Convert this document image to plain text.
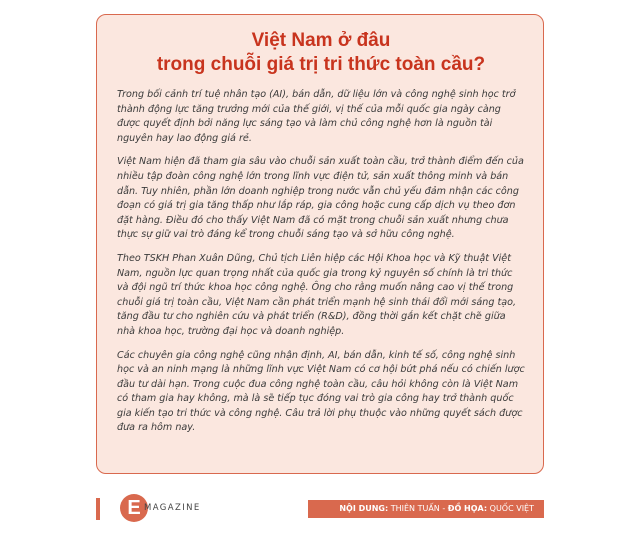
Việt Nam ở đâu
trong chuỗi giá trị tri thức toàn cầu?

Trong bối cảnh trí tuệ nhân tạo (AI), bán dẫn, dữ liệu lớn và công nghệ sinh học trở thành động lực tăng trưởng mới của thế giới, vị thế của mỗi quốc gia ngày càng được quyết định bởi năng lực sáng tạo và làm chủ công nghệ hơn là nguồn tài nguyên hay lao động giá rẻ.

Việt Nam hiện đã tham gia sâu vào chuỗi sản xuất toàn cầu, trở thành điểm đến của nhiều tập đoàn công nghệ lớn trong lĩnh vực điện tử, sản xuất thông minh và bán dẫn. Tuy nhiên, phần lớn doanh nghiệp trong nước vẫn chủ yếu đảm nhận các công đoạn có giá trị gia tăng thấp như lắp ráp, gia công hoặc cung cấp dịch vụ theo đơn đặt hàng. Điều đó cho thấy Việt Nam đã có mặt trong chuỗi sản xuất nhưng chưa thực sự giữ vai trò đáng kể trong chuỗi sáng tạo và sở hữu công nghệ.

Theo TSKH Phan Xuân Dũng, Chủ tịch Liên hiệp các Hội Khoa học và Kỹ thuật Việt Nam, nguồn lực quan trọng nhất của quốc gia trong kỷ nguyên số chính là tri thức và đội ngũ trí thức khoa học công nghệ. Ông cho rằng muốn nâng cao vị thế trong chuỗi giá trị toàn cầu, Việt Nam cần phát triển mạnh hệ sinh thái đổi mới sáng tạo, tăng đầu tư cho nghiên cứu và phát triển (R&D), đồng thời gắn kết chặt chẽ giữa nhà khoa học, trường đại học và doanh nghiệp.

Các chuyên gia công nghệ cũng nhận định, AI, bán dẫn, kinh tế số, công nghệ sinh học và an ninh mạng là những lĩnh vực Việt Nam có cơ hội bứt phá nếu có chiến lược đầu tư dài hạn. Trong cuộc đua công nghệ toàn cầu, câu hỏi không còn là Việt Nam có tham gia hay không, mà là sẽ tiếp tục đóng vai trò gia công hay trở thành quốc gia kiến tạo tri thức và công nghệ. Câu trả lời phụ thuộc vào những quyết sách được đưa ra hôm nay.

E MAGAZINE	NỘI DUNG: THIÊN TUẤN - ĐỒ HỌA: QUỐC VIỆT
